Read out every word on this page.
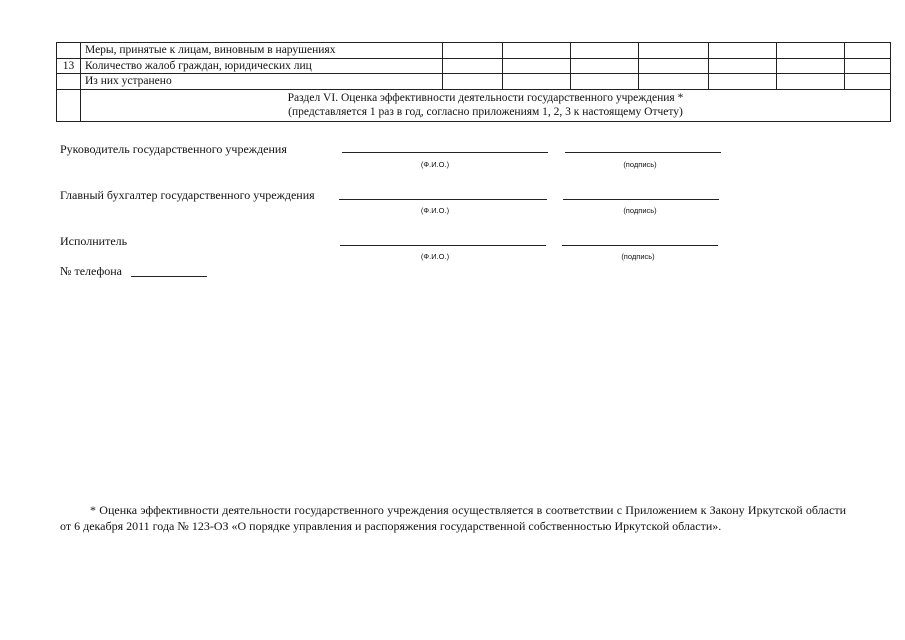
	Меры, принятые к лицам, виновным в нарушениях							
13	Количество жалоб граждан, юридических лиц							
	Из них устранено							

	Раздел VI. Оценка эффективности деятельности государственного учреждения *
(представляется 1 раз в год, согласно приложениям 1, 2, 3 к настоящему Отчету)							
Руководитель государственного учреждения
(Ф.И.О.)	(подпись)
Главный бухгалтер государственного учреждения
(Ф.И.О.)	(подпись)
Исполнитель
(Ф.И.О.)	(подпись)
№ телефона

* Оценка эффективности деятельности государственного учреждения осуществляется в соответствии с Приложением к Закону Иркутской области от 6 декабря 2011 года № 123-ОЗ «О порядке управления и распоряжения государственной собственностью Иркутской области».
